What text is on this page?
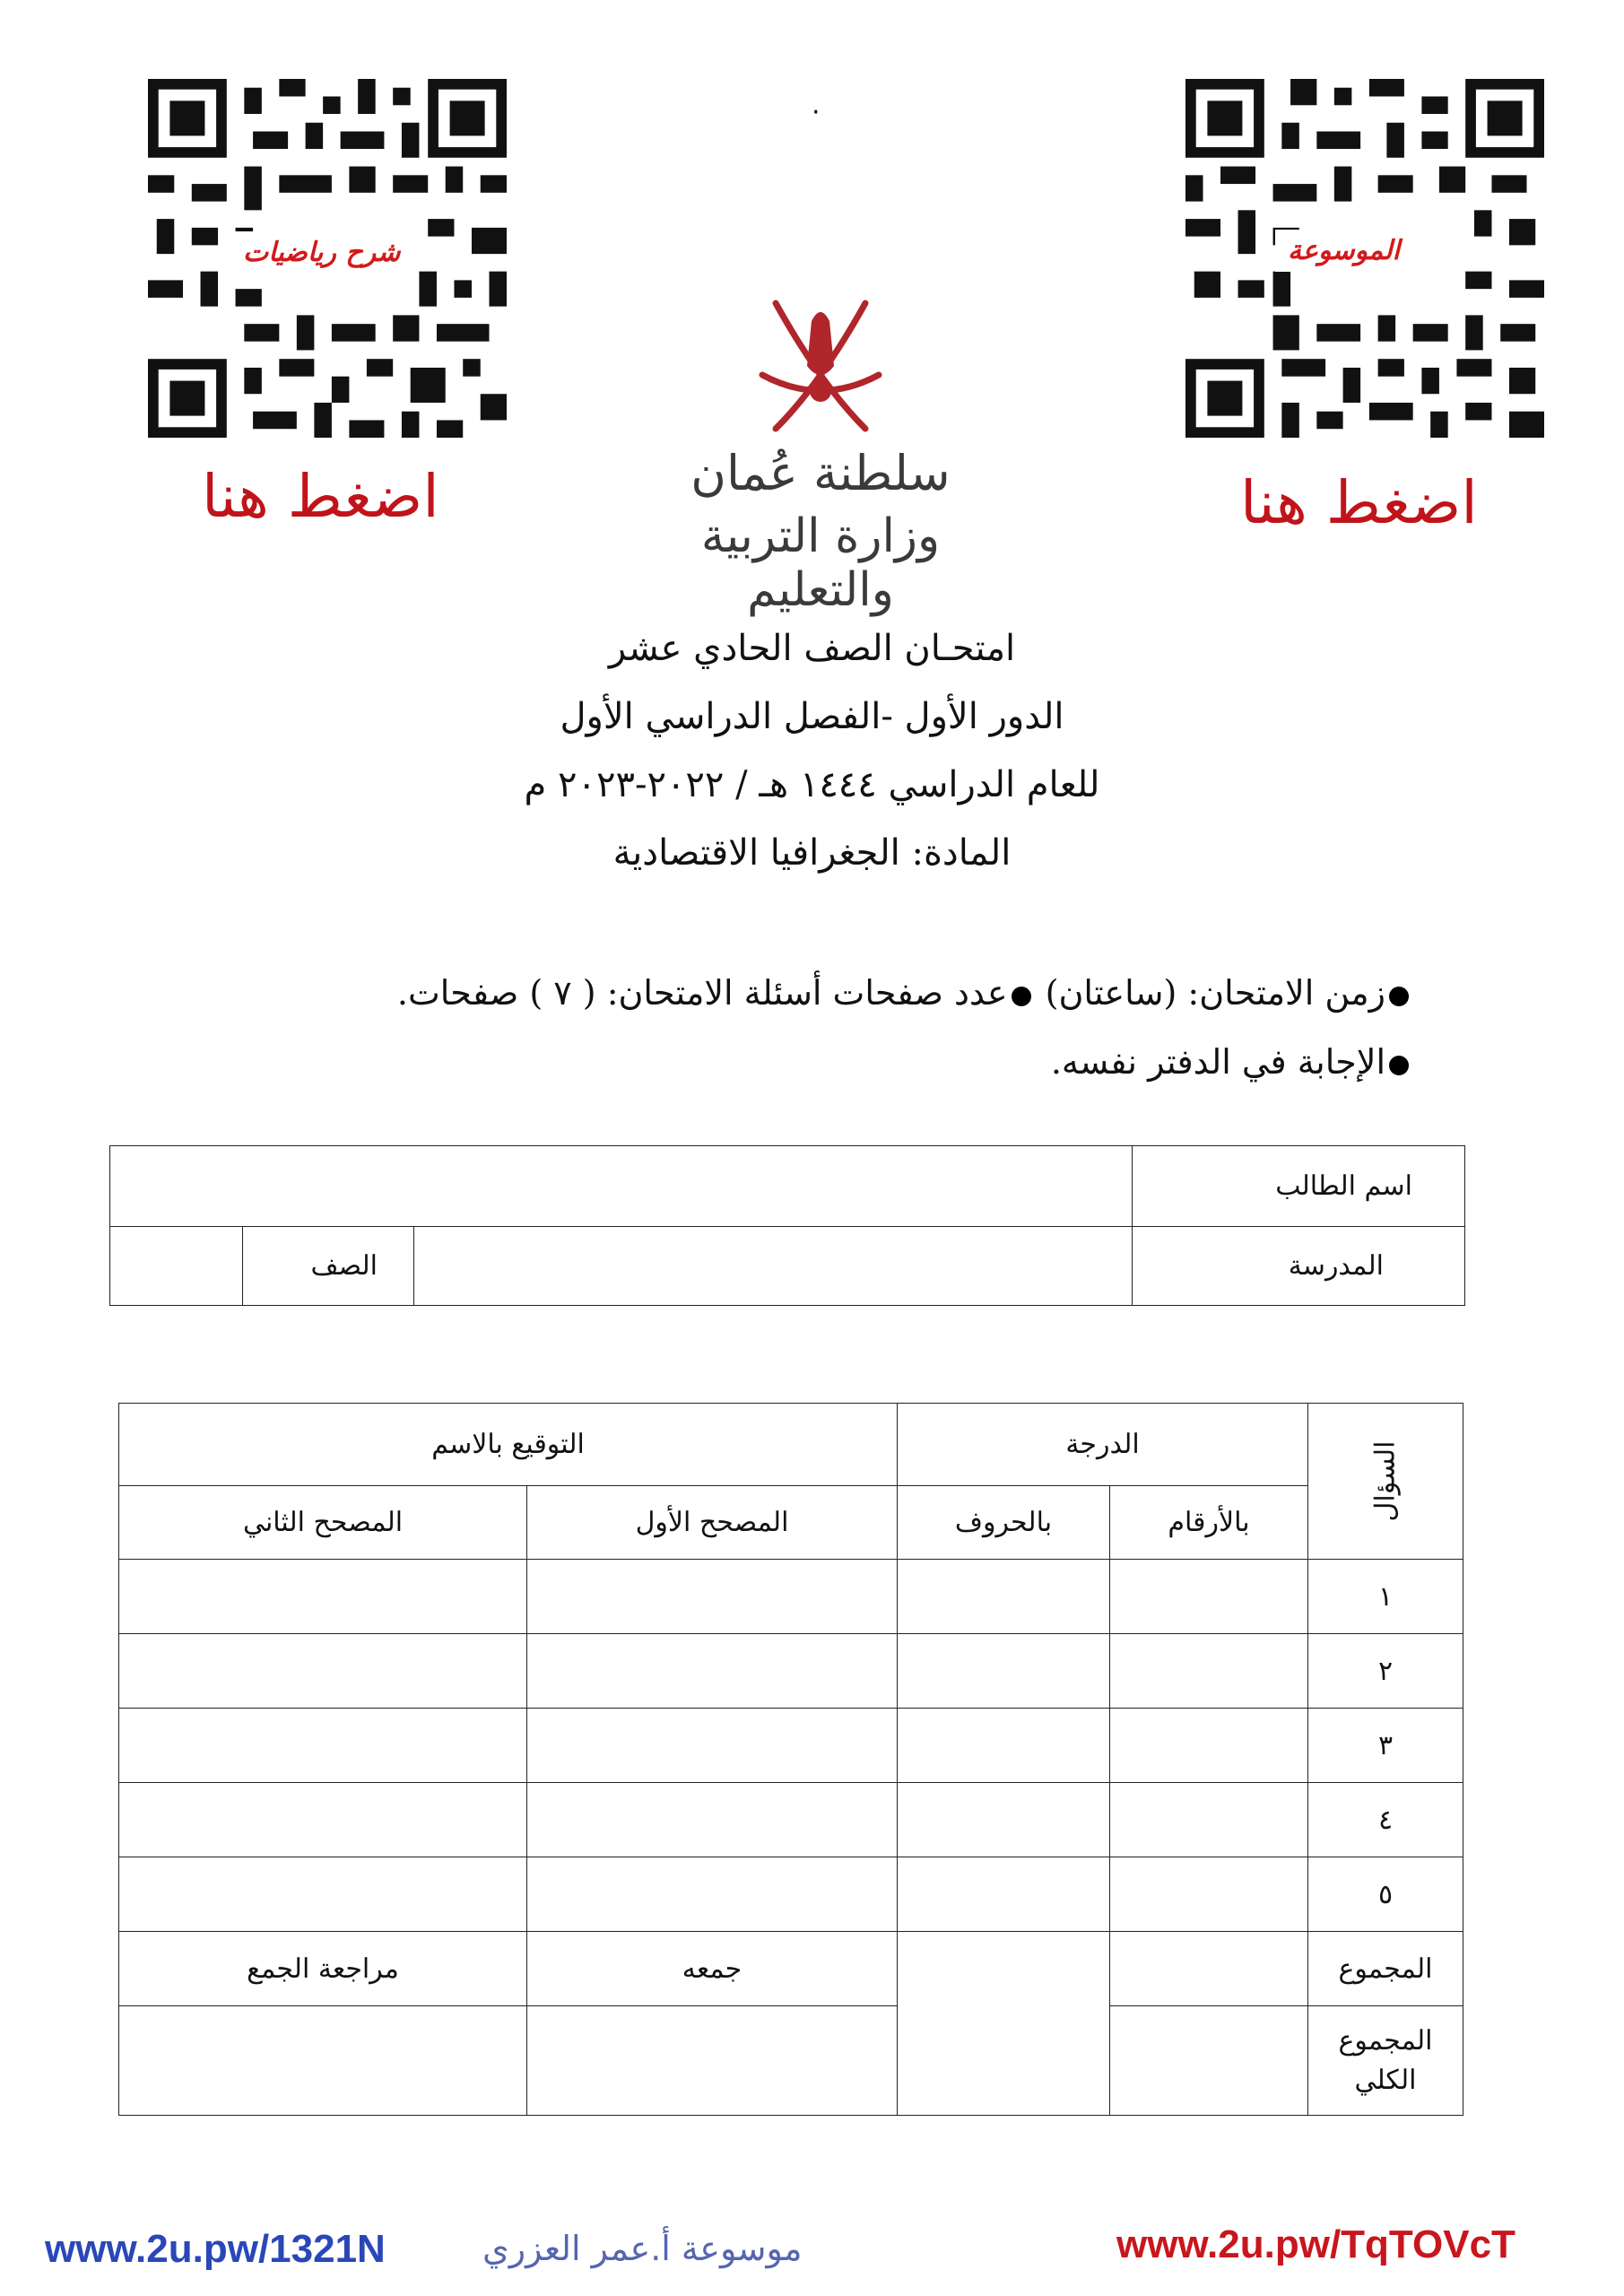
·
شرح رياضيات
اضغط هنا
الموسوعة
اضغط هنا
سلطنة عُمان
وزارة التربية والتعليم
امتحـان الصف الحادي عشر
الدور الأول -الفصل الدراسي الأول
للعام الدراسي ١٤٤٤ هـ / ٢٠٢٢-٢٠٢٣ م
المادة: الجغرافيا الاقتصادية
زمن الامتحان: (ساعتان) عدد صفحات أسئلة الامتحان: ( ٧ ) صفحات.
الإجابة في الدفتر نفسه.
اسم الطالب			
المدرسة		الصف	
السؤال	الدرجة		التوقيع بالاسم	
	بالأرقام	بالحروف	المصحح الأول	المصحح الثاني
١				
٢				
٣				
٤				
٥				
المجموع			جمعه	مراجعة الجمع
المجموع الكلي				
www.2u.pw/1321N	موسوعة أ.عمر العزري	www.2u.pw/TqTOVcT
